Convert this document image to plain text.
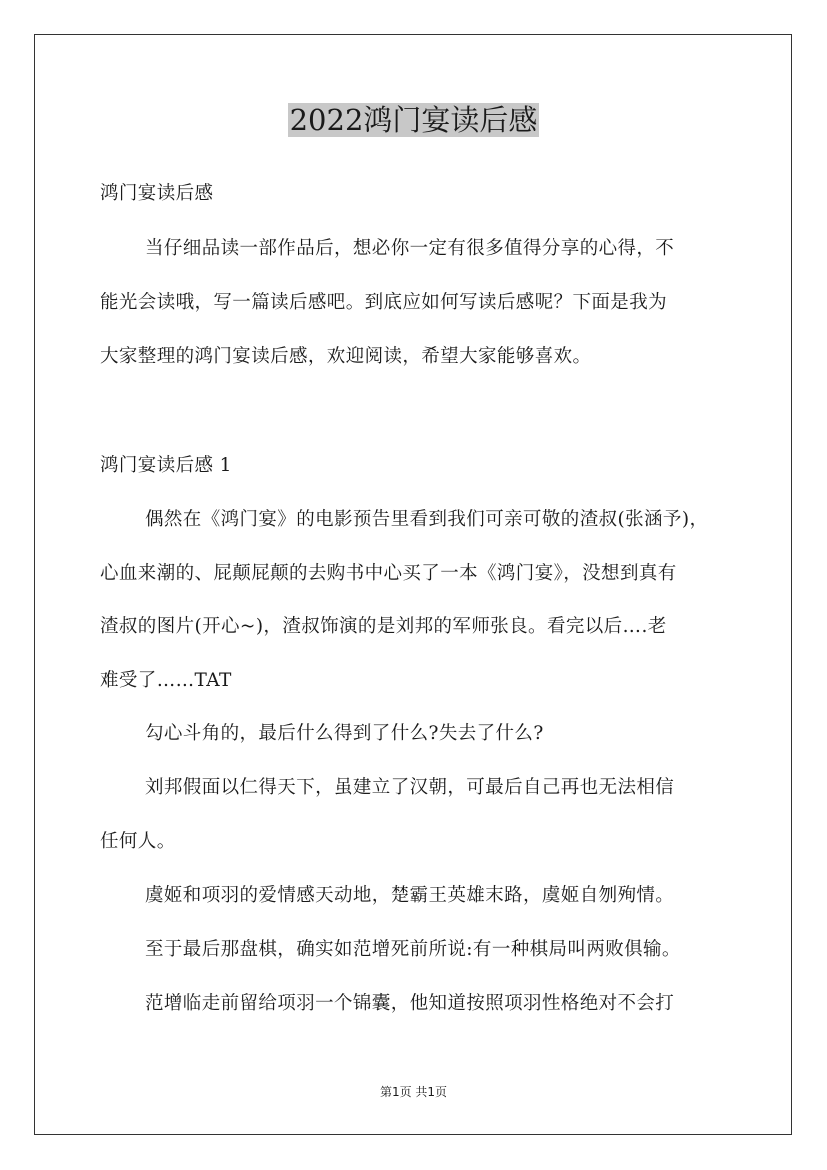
2022鸿门宴读后感
鸿门宴读后感
当仔细品读一部作品后，想必你一定有很多值得分享的心得，不
能光会读哦，写一篇读后感吧。到底应如何写读后感呢？下面是我为
大家整理的鸿门宴读后感，欢迎阅读，希望大家能够喜欢。
鸿门宴读后感 1
偶然在《鸿门宴》的电影预告里看到我们可亲可敬的渣叔(张涵予)，
心血来潮的、屁颠屁颠的去购书中心买了一本《鸿门宴》，没想到真有
渣叔的图片(开心~)，渣叔饰演的是刘邦的军师张良。看完以后….老
难受了……TAT
勾心斗角的，最后什么得到了什么?失去了什么?
刘邦假面以仁得天下，虽建立了汉朝，可最后自己再也无法相信
任何人。
虞姬和项羽的爱情感天动地，楚霸王英雄末路，虞姬自刎殉情。
至于最后那盘棋，确实如范增死前所说:有一种棋局叫两败俱输。
范增临走前留给项羽一个锦囊，他知道按照项羽性格绝对不会打
第1页 共1页
